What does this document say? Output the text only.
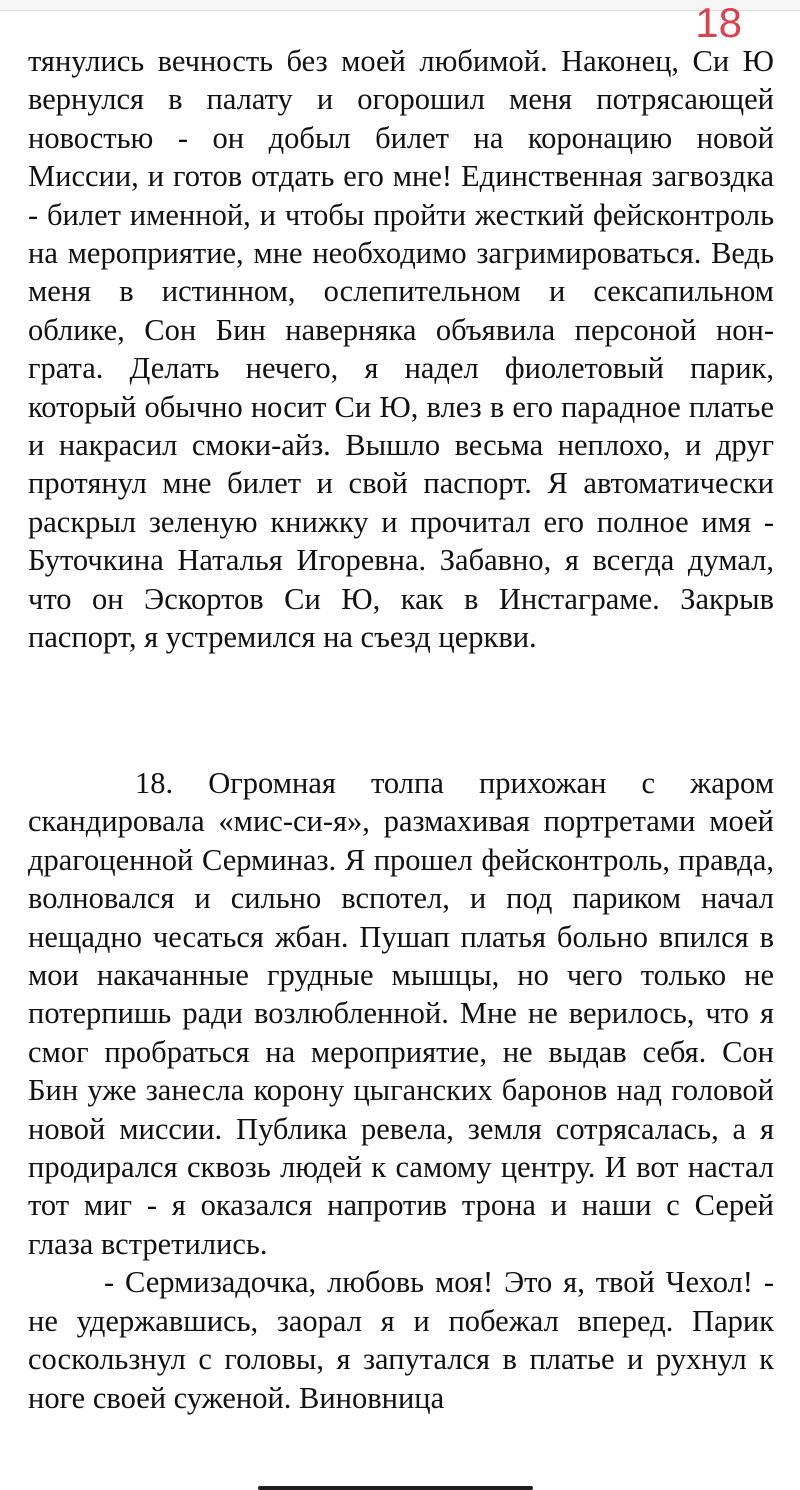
18

тянулись вечность без моей любимой. Наконец, Си Ю вернулся в палату и огорошил меня потрясающей новостью - он добыл билет на коронацию новой Миссии, и готов отдать его мне! Единственная загвоздка - билет именной, и чтобы пройти жесткий фейсконтроль на мероприятие, мне необходимо загримироваться. Ведь меня в истинном, ослепительном и сексапильном облике, Сон Бин наверняка объявила персоной нон-грата. Делать нечего, я надел фиолетовый парик, который обычно носит Си Ю, влез в его парадное платье и накрасил смоки-айз. Вышло весьма неплохо, и друг протянул мне билет и свой паспорт. Я автоматически раскрыл зеленую книжку и прочитал его полное имя - Буточкина Наталья Игоревна. Забавно, я всегда думал, что он Эскортов Си Ю, как в Инстаграме. Закрыв паспорт, я устремился на съезд церкви.

18. Огромная толпа прихожан с жаром скандировала «мис-си-я», размахивая портретами моей драгоценной Серминаз. Я прошел фейсконтроль, правда, волновался и сильно вспотел, и под париком начал нещадно чесаться жбан. Пушап платья больно впился в мои накачанные грудные мышцы, но чего только не потерпишь ради возлюбленной. Мне не верилось, что я смог пробраться на мероприятие, не выдав себя. Сон Бин уже занесла корону цыганских баронов над головой новой миссии. Публика ревела, земля сотрясалась, а я продирался сквозь людей к самому центру. И вот настал тот миг - я оказался напротив трона и наши с Серей глаза встретились.

- Сермизадочка, любовь моя! Это я, твой Чехол! - не удержавшись, заорал я и побежал вперед. Парик соскользнул с головы, я запутался в платье и рухнул к ноге своей суженой. Виновница
